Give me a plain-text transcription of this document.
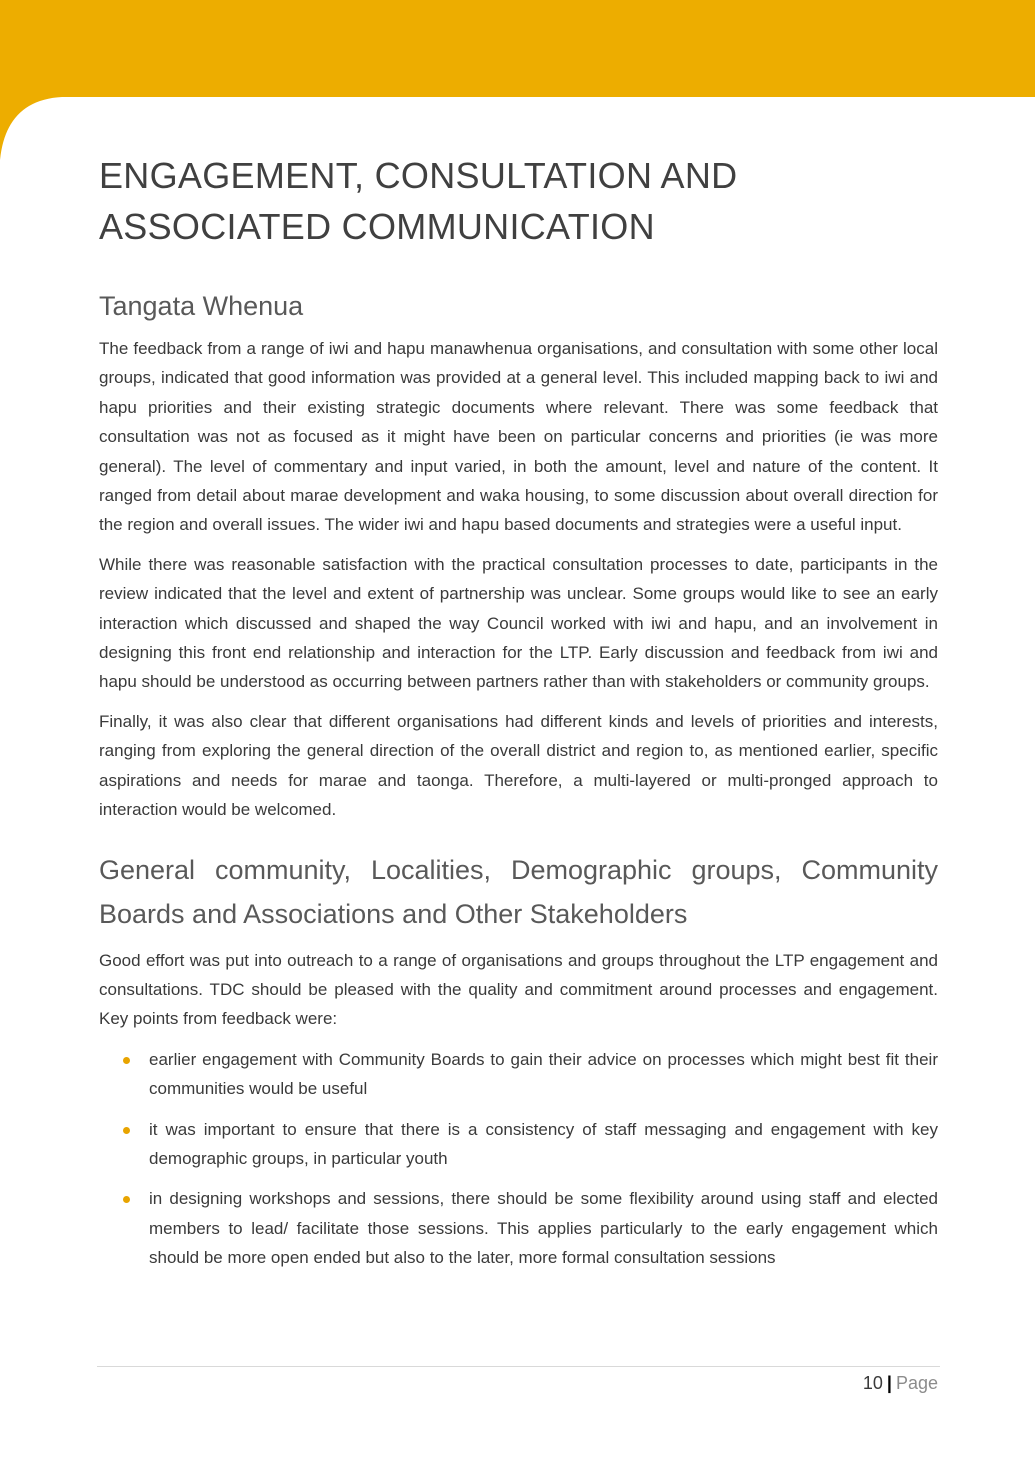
ENGAGEMENT, CONSULTATION AND ASSOCIATED COMMUNICATION
Tangata Whenua

The feedback from a range of iwi and hapu manawhenua organisations, and consultation with some other local groups, indicated that good information was provided at a general level. This included mapping back to iwi and hapu priorities and their existing strategic documents where relevant. There was some feedback that consultation was not as focused as it might have been on particular concerns and priorities (ie was more general). The level of commentary and input varied, in both the amount, level and nature of the content. It ranged from detail about marae development and waka housing, to some discussion about overall direction for the region and overall issues. The wider iwi and hapu based documents and strategies were a useful input.

While there was reasonable satisfaction with the practical consultation processes to date, participants in the review indicated that the level and extent of partnership was unclear. Some groups would like to see an early interaction which discussed and shaped the way Council worked with iwi and hapu, and an involvement in designing this front end relationship and interaction for the LTP. Early discussion and feedback from iwi and hapu should be understood as occurring between partners rather than with stakeholders or community groups.

Finally, it was also clear that different organisations had different kinds and levels of priorities and interests, ranging from exploring the general direction of the overall district and region to, as mentioned earlier, specific aspirations and needs for marae and taonga. Therefore, a multi-layered or multi-pronged approach to interaction would be welcomed.

General community, Localities, Demographic groups, Community Boards and Associations and Other Stakeholders

Good effort was put into outreach to a range of organisations and groups throughout the LTP engagement and consultations. TDC should be pleased with the quality and commitment around processes and engagement. Key points from feedback were:

earlier engagement with Community Boards to gain their advice on processes which might best fit their communities would be useful
it was important to ensure that there is a consistency of staff messaging and engagement with key demographic groups, in particular youth
in designing workshops and sessions, there should be some flexibility around using staff and elected members to lead/ facilitate those sessions. This applies particularly to the early engagement which should be more open ended but also to the later, more formal consultation sessions
10 | Page
